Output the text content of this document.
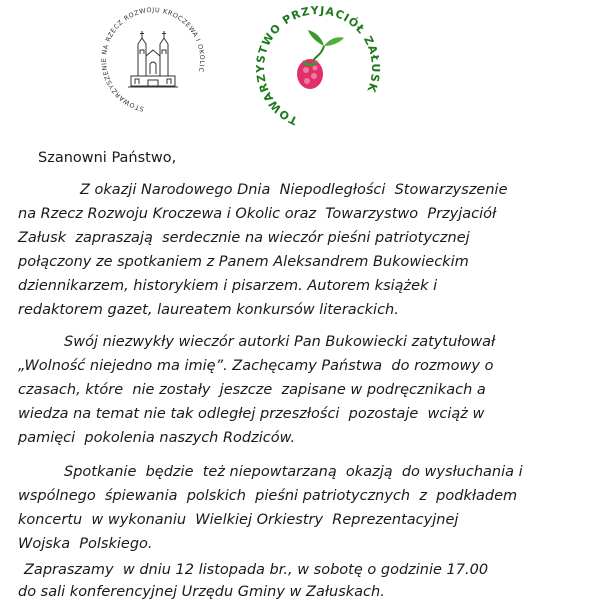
STOWARZYSZENIE NA RZECZ ROZWOJU KROCZEWA I OKOLIC
TOWARZYSTWO PRZYJACIÓŁ ZAŁUSK
Szanowni Państwo,
Z okazji Narodowego Dnia  Niepodległości  Stowarzyszenie
na Rzecz Rozwoju Kroczewa i Okolic oraz  Towarzystwo  Przyjaciół
Załusk  zapraszają  serdecznie na wieczór pieśni patriotycznej
połączony ze spotkaniem z Panem Aleksandrem Bukowieckim
dziennikarzem, historykiem i pisarzem. Autorem książek i
redaktorem gazet, laureatem konkursów literackich.
Swój niezwykły wieczór autorki Pan Bukowiecki zatytułował
„Wolność niejedno ma imię”. Zachęcamy Państwa  do rozmowy o
czasach, które  nie zostały  jeszcze  zapisane w podręcznikach a
wiedza na temat nie tak odległej przeszłości  pozostaje  wciąż w
pamięci  pokolenia naszych Rodziców.
Spotkanie  będzie  też niepowtarzaną  okazją  do wysłuchania i
wspólnego  śpiewania  polskich  pieśni patriotycznych  z  podkładem
koncertu  w wykonaniu  Wielkiej Orkiestry  Reprezentacyjnej
Wojska  Polskiego.
Zapraszamy  w dniu 12 listopada br., w sobotę o godzinie 17.00
do sali konferencyjnej Urzędu Gminy w Załuskach.
